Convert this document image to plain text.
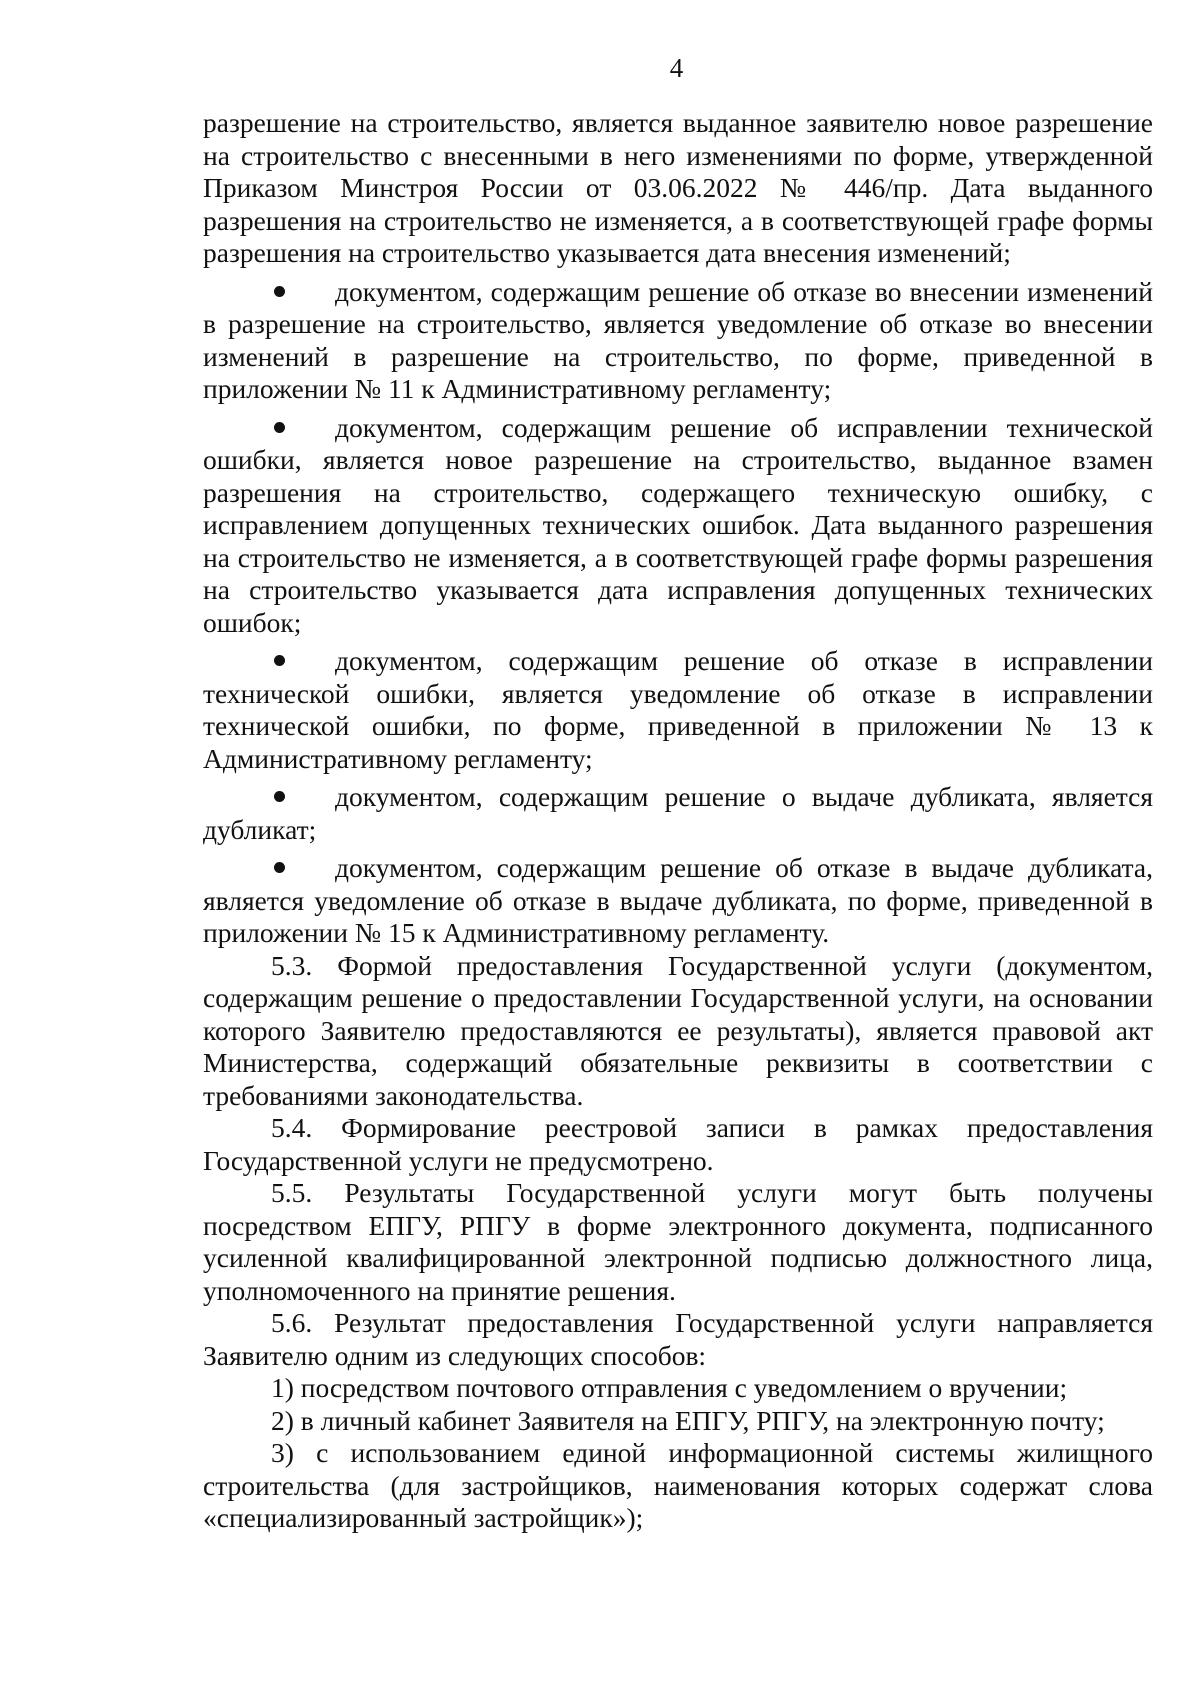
4

разрешение на строительство, является выданное заявителю новое разрешение на строительство с внесенными в него изменениями по форме, утвержденной Приказом Минстроя России от 03.06.2022 № 446/пр. Дата выданного разрешения на строительство не изменяется, а в соответствующей графе формы разрешения на строительство указывается дата внесения изменений;

документом, содержащим решение об отказе во внесении изменений в разрешение на строительство, является уведомление об отказе во внесении изменений в разрешение на строительство, по форме, приведенной в приложении № 11 к Административному регламенту;

документом, содержащим решение об исправлении технической ошибки, является новое разрешение на строительство, выданное взамен разрешения на строительство, содержащего техническую ошибку, с исправлением допущенных технических ошибок. Дата выданного разрешения на строительство не изменяется, а в соответствующей графе формы разрешения на строительство указывается дата исправления допущенных технических ошибок;

документом, содержащим решение об отказе в исправлении технической ошибки, является уведомление об отказе в исправлении технической ошибки, по форме, приведенной в приложении № 13 к Административному регламенту;

документом, содержащим решение о выдаче дубликата, является дубликат;

документом, содержащим решение об отказе в выдаче дубликата, является уведомление об отказе в выдаче дубликата, по форме, приведенной в приложении № 15 к Административному регламенту.

5.3. Формой предоставления Государственной услуги (документом, содержащим решение о предоставлении Государственной услуги, на основании которого Заявителю предоставляются ее результаты), является правовой акт Министерства, содержащий обязательные реквизиты в соответствии с требованиями законодательства.

5.4. Формирование реестровой записи в рамках предоставления Государственной услуги не предусмотрено.

5.5. Результаты Государственной услуги могут быть получены посредством ЕПГУ, РПГУ в форме электронного документа, подписанного усиленной квалифицированной электронной подписью должностного лица, уполномоченного на принятие решения.

5.6. Результат предоставления Государственной услуги направляется Заявителю одним из следующих способов:

1) посредством почтового отправления с уведомлением о вручении;

2) в личный кабинет Заявителя на ЕПГУ, РПГУ, на электронную почту;

3) с использованием единой информационной системы жилищного строительства (для застройщиков, наименования которых содержат слова «специализированный застройщик»);
